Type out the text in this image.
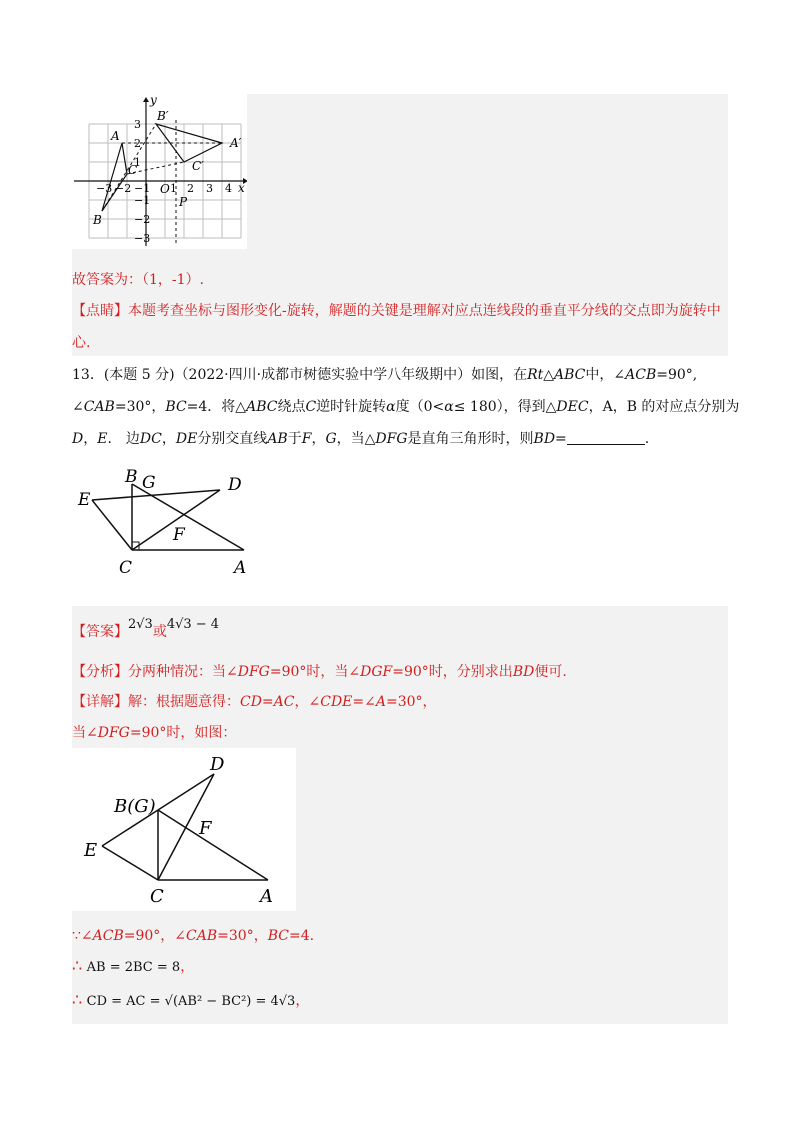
y
x
O
−3 −2 −1 1 2 3 4
3
2
1
−1
−2
−3
A
B
C
A′
B′
C′
P
故答案为：（1，-1）.
【点睛】本题考查坐标与图形变化-旋转，解题的关键是理解对应点连线段的垂直平分线的交点即为旋转中
心.
13．(本题 5 分)（2022·四川·成都市树德实验中学八年级期中）如图，在Rt△ABC中，∠ACB=90°,
∠CAB=30°，BC=4．将△ABC绕点C逆时针旋转α度（0<α≤ 180），得到△DEC，A，B 的对应点分别为
D，E． 边DC，DE分别交直线AB于F，G，当△DFG是直角三角形时，则BD=	.
B G	D
E
F
C	A
【答案】2√3或4√3 − 4
【分析】分两种情况：当∠DFG=90°时，当∠DGF=90°时，分别求出BD便可.
【详解】解：根据题意得：CD=AC，∠CDE=∠A=30°，
当∠DFG=90°时，如图：
B(G)
D
F
E
C	A
∵∠ACB=90°，∠CAB=30°，BC=4.
∴ AB = 2BC = 8，
∴ CD = AC = √(AB² − BC²) = 4√3，
